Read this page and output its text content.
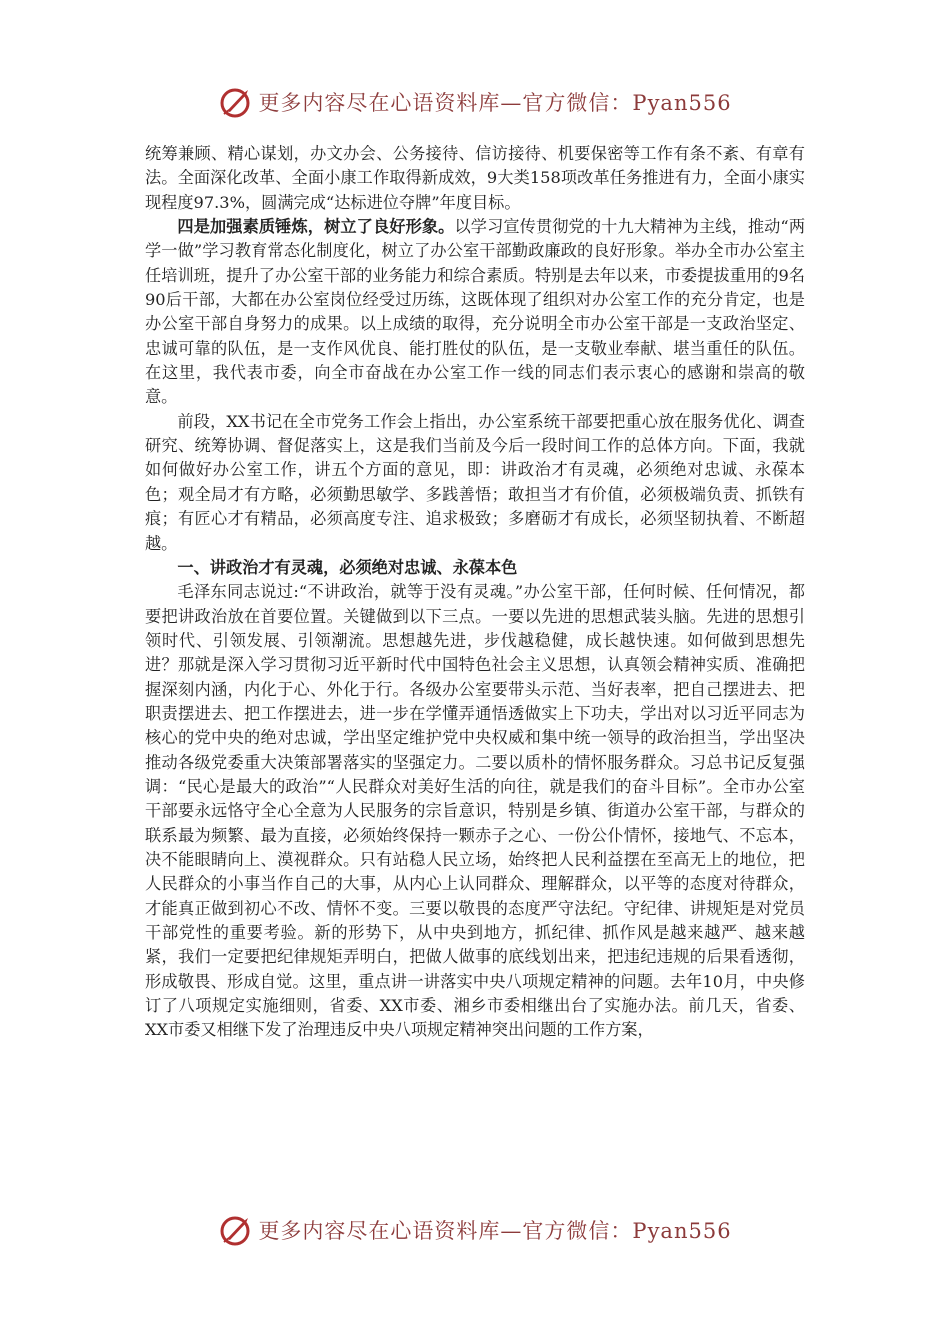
更多内容尽在心语资料库—官方微信：Pyan556

统筹兼顾、精心谋划，办文办会、公务接待、信访接待、机要保密等工作有条不紊、有章有法。全面深化改革、全面小康工作取得新成效，9大类158项改革任务推进有力，全面小康实现程度97.3%，圆满完成“达标进位夺牌”年度目标。

四是加强素质锤炼，树立了良好形象。以学习宣传贯彻党的十九大精神为主线，推动“两学一做”学习教育常态化制度化，树立了办公室干部勤政廉政的良好形象。举办全市办公室主任培训班，提升了办公室干部的业务能力和综合素质。特别是去年以来，市委提拔重用的9名90后干部，大都在办公室岗位经受过历练，这既体现了组织对办公室工作的充分肯定，也是办公室干部自身努力的成果。以上成绩的取得，充分说明全市办公室干部是一支政治坚定、忠诚可靠的队伍，是一支作风优良、能打胜仗的队伍，是一支敬业奉献、堪当重任的队伍。在这里，我代表市委，向全市奋战在办公室工作一线的同志们表示衷心的感谢和崇高的敬意。

前段，XX书记在全市党务工作会上指出，办公室系统干部要把重心放在服务优化、调查研究、统筹协调、督促落实上，这是我们当前及今后一段时间工作的总体方向。下面，我就如何做好办公室工作，讲五个方面的意见，即：讲政治才有灵魂，必须绝对忠诚、永葆本色；观全局才有方略，必须勤思敏学、多践善悟；敢担当才有价值，必须极端负责、抓铁有痕；有匠心才有精品，必须高度专注、追求极致；多磨砺才有成长，必须坚韧执着、不断超越。

一、讲政治才有灵魂，必须绝对忠诚、永葆本色

毛泽东同志说过:“不讲政治，就等于没有灵魂。”办公室干部，任何时候、任何情况，都要把讲政治放在首要位置。关键做到以下三点。一要以先进的思想武装头脑。先进的思想引领时代、引领发展、引领潮流。思想越先进，步伐越稳健，成长越快速。如何做到思想先进？那就是深入学习贯彻习近平新时代中国特色社会主义思想，认真领会精神实质、准确把握深刻内涵，内化于心、外化于行。各级办公室要带头示范、当好表率，把自己摆进去、把职责摆进去、把工作摆进去，进一步在学懂弄通悟透做实上下功夫，学出对以习近平同志为核心的党中央的绝对忠诚，学出坚定维护党中央权威和集中统一领导的政治担当，学出坚决推动各级党委重大决策部署落实的坚强定力。二要以质朴的情怀服务群众。习总书记反复强调：“民心是最大的政治”“人民群众对美好生活的向往，就是我们的奋斗目标”。全市办公室干部要永远恪守全心全意为人民服务的宗旨意识，特别是乡镇、街道办公室干部，与群众的联系最为频繁、最为直接，必须始终保持一颗赤子之心、一份公仆情怀，接地气、不忘本，决不能眼睛向上、漠视群众。只有站稳人民立场，始终把人民利益摆在至高无上的地位，把人民群众的小事当作自己的大事，从内心上认同群众、理解群众，以平等的态度对待群众，才能真正做到初心不改、情怀不变。三要以敬畏的态度严守法纪。守纪律、讲规矩是对党员 干部党性的重要考验。新的形势下，从中央到地方，抓纪律、抓作风是越来越严、越来越紧，我们一定要把纪律规矩弄明白，把做人做事的底线划出来，把违纪违规的后果看透彻，形成敬畏、形成自觉。这里，重点讲一讲落实中央八项规定精神的问题。去年10月，中央修订了八项规定实施细则，省委、XX市委、湘乡市委相继出台了实施办法。前几天，省委、XX市委又相继下发了治理违反中央八项规定精神突出问题的工作方案，

更多内容尽在心语资料库—官方微信：Pyan556
